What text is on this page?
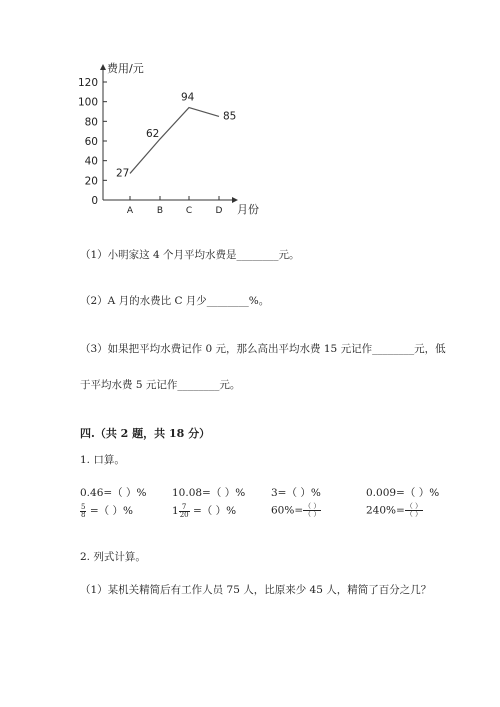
0
20
40
60
80
100
120
A	B	C	D
27
62
94
85
费用/元
月份
（1）小明家这 4 个月平均水费是________元。
（2）A 月的水费比 C 月少________%。
（3）如果把平均水费记作 0 元，那么高出平均水费 15 元记作________元，低
于平均水费 5 元记作________元。
四.（共 2 题，共 18 分）
1. 口算。
0.46=（ ）% 10.08=（ ）% 3=（ ）%	0.009=（ ）%
$\frac{5}{8}$ =（ ）%	$1 \frac{7}{20}$ =（ ）%	$60\%= \frac{( )}{( )}$	$240\%= \frac{( )}{( )}$
2. 列式计算。
（1）某机关精简后有工作人员 75 人，比原来少 45 人，精简了百分之几？
